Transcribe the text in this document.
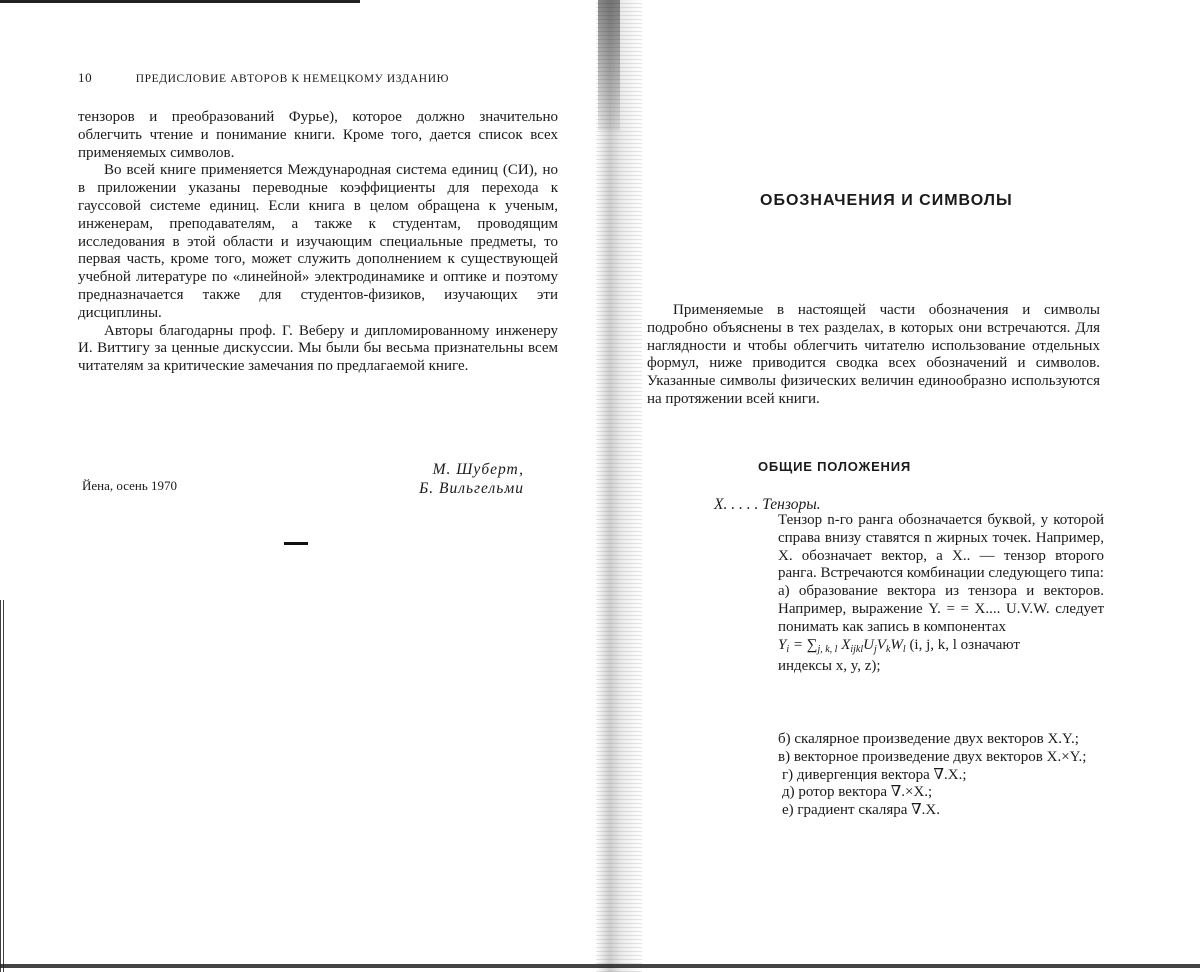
10	ПРЕДИСЛОВИЕ АВТОРОВ К НЕМЕЦКОМУ ИЗДАНИЮ

тензоров и преобразований Фурье), которое должно значительно облегчить чтение и понимание книги. Кроме того, дается список всех применяемых символов.

Во всей книге применяется Международная система единиц (СИ), но в приложении указаны переводные коэффициенты для перехода к гауссовой системе единиц. Если книга в целом обращена к ученым, инженерам, преподавателям, а также к студентам, проводящим исследования в этой области и изучающим специальные предметы, то первая часть, кроме того, может служить дополнением к существующей учебной литературе по «линейной» электродинамике и оптике и поэтому предназначается также для студентов-физиков, изучающих эти дисциплины.

Авторы благодарны проф. Г. Веберу и дипломированному инженеру И. Виттигу за ценные дискуссии. Мы были бы весьма признательны всем читателям за критические замечания по предлагаемой книге.

Йена, осень 1970
М. Шуберт,
Б. Вильгельми
ОБОЗНАЧЕНИЯ И СИМВОЛЫ

Применяемые в настоящей части обозначения и символы подробно объяснены в тех разделах, в которых они встречаются. Для наглядности и чтобы облегчить читателю использование отдельных формул, ниже приводится сводка всех обозначений и символов. Указанные символы физических величин единообразно используются на протяжении всей книги.

ОБЩИЕ ПОЛОЖЕНИЯ
X. . . . . Тензоры.

Тензор n-го ранга обозначается буквой, у которой справа внизу ставятся n жирных точек. Например, X. обозначает вектор, а X.. — тензор второго ранга. Встречаются комбинации следующего типа:

а) образование вектора из тензора и векторов. Например, выражение Y. = = X.... U.V.W. следует понимать как запись в компонентах

$Y_i = \sum_{j, k, l}$ $X_{ijkl}U_jV_kW_l$ (i, j, k, l означают

индексы x, y, z);

б) скалярное произведение двух векторов X.Y.;
в) векторное произведение двух векторов X.×Y.;
г) дивергенция вектора ∇.X.;
д) ротор вектора ∇.×X.;
е) градиент скаляра ∇.X.
